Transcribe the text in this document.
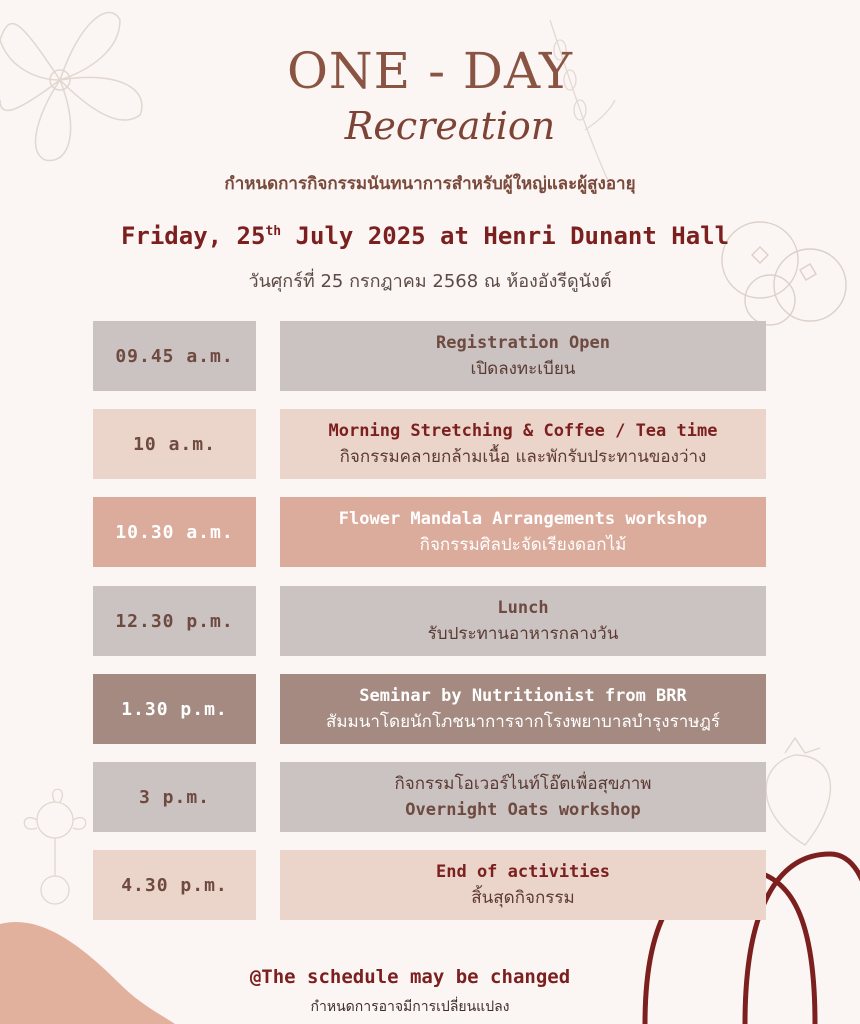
ONE - DAY
Recreation
กำหนดการกิจกรรมนันทนาการสำหรับผู้ใหญ่และผู้สูงอายุ
Friday, 25th July 2025 at Henri Dunant Hall
วันศุกร์ที่ 25 กรกฎาคม 2568 ณ ห้องอังรีดูนังต์
09.45 a.m.
Registration Open
เปิดลงทะเบียน
10 a.m.
Morning Stretching & Coffee / Tea time
กิจกรรมคลายกล้ามเนื้อ และพักรับประทานของว่าง
10.30 a.m.
Flower Mandala Arrangements workshop
กิจกรรมศิลปะจัดเรียงดอกไม้
12.30 p.m.
Lunch
รับประทานอาหารกลางวัน
1.30 p.m.
Seminar by Nutritionist from BRR
สัมมนาโดยนักโภชนาการจากโรงพยาบาลบำรุงราษฎร์
3 p.m.
กิจกรรมโอเวอร์ไนท์โอ๊ตเพื่อสุขภาพ
Overnight Oats workshop
4.30 p.m.
End of activities
สิ้นสุดกิจกรรม
@The schedule may be changed
กำหนดการอาจมีการเปลี่ยนแปลง
